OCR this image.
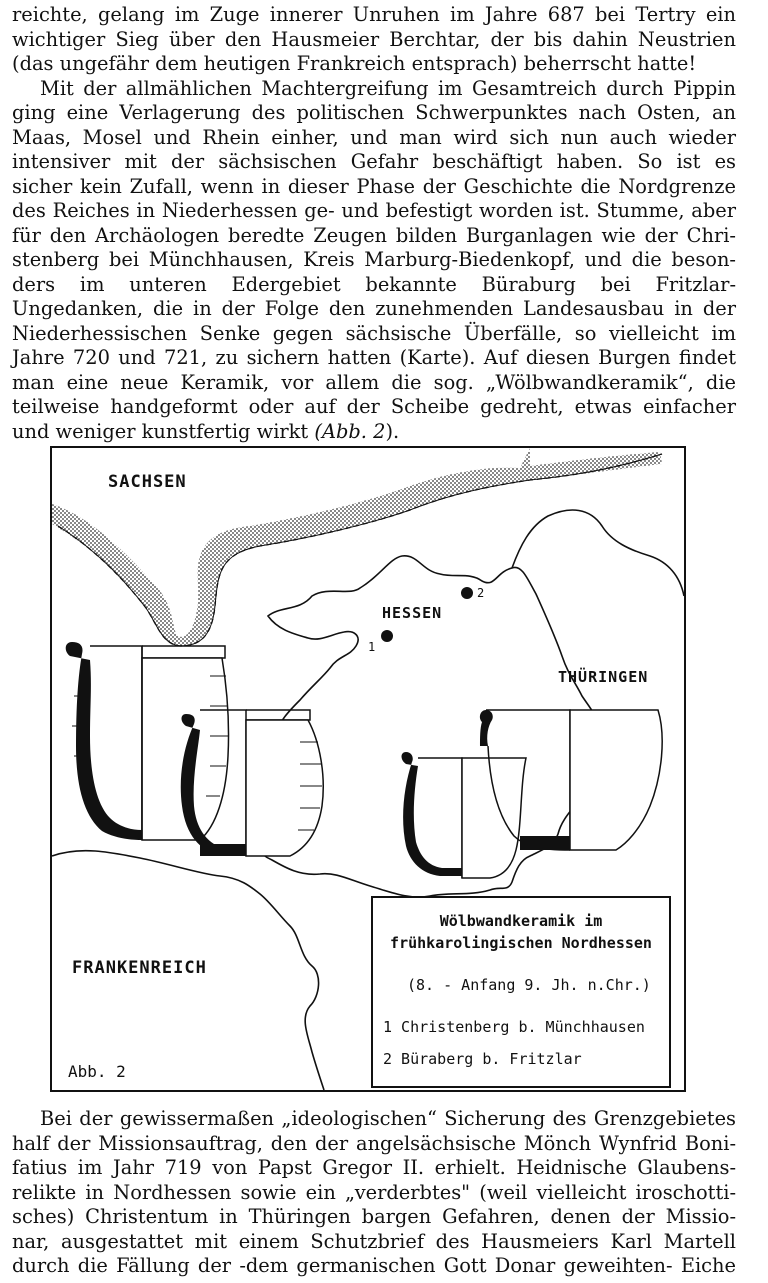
reichte, gelang im Zuge innerer Unruhen im Jahre 687 bei Tertry ein
wichtiger Sieg über den Hausmeier Berchtar, der bis dahin Neustrien
(das ungefähr dem heutigen Frankreich entsprach) beherrscht hatte!

Mit der allmählichen Machtergreifung im Gesamtreich durch Pippin
ging eine Verlagerung des politischen Schwerpunktes nach Osten, an
Maas, Mosel und Rhein einher, und man wird sich nun auch wieder
intensiver mit der sächsischen Gefahr beschäftigt haben. So ist es
sicher kein Zufall, wenn in dieser Phase der Geschichte die Nordgrenze
des Reiches in Niederhessen ge- und befestigt worden ist. Stumme, aber
für den Archäologen beredte Zeugen bilden Burganlagen wie der Chri-
stenberg bei Münchhausen, Kreis Marburg-Biedenkopf, und die beson-
ders im unteren Edergebiet bekannte Büraburg bei Fritzlar-
Ungedanken, die in der Folge den zunehmenden Landesausbau in der
Niederhessischen Senke gegen sächsische Überfälle, so vielleicht im
Jahre 720 und 721, zu sichern hatten (Karte). Auf diesen Burgen findet
man eine neue Keramik, vor allem die sog. „Wölbwandkeramik“, die
teilweise handgeformt oder auf der Scheibe gedreht, etwas einfacher
und weniger kunstfertig wirkt (Abb. 2).

SACHSEN
HESSEN
THÜRINGEN
FRANKENREICH
1
2
Wölbwandkeramik im
frühkarolingischen Nordhessen
(8. - Anfang 9. Jh. n.Chr.)
1 Christenberg b. Münchhausen
2 Büraberg b. Fritzlar
Abb. 2

Bei der gewissermaßen „ideologischen“ Sicherung des Grenzgebietes
half der Missionsauftrag, den der angelsächsische Mönch Wynfrid Boni-
fatius im Jahr 719 von Papst Gregor II. erhielt. Heidnische Glaubens-
relikte in Nordhessen sowie ein „verderbtes" (weil vielleicht iroschotti-
sches) Christentum in Thüringen bargen Gefahren, denen der Missio-
nar, ausgestattet mit einem Schutzbrief des Hausmeiers Karl Martell
durch die Fällung der -dem germanischen Gott Donar geweihten- Eiche
